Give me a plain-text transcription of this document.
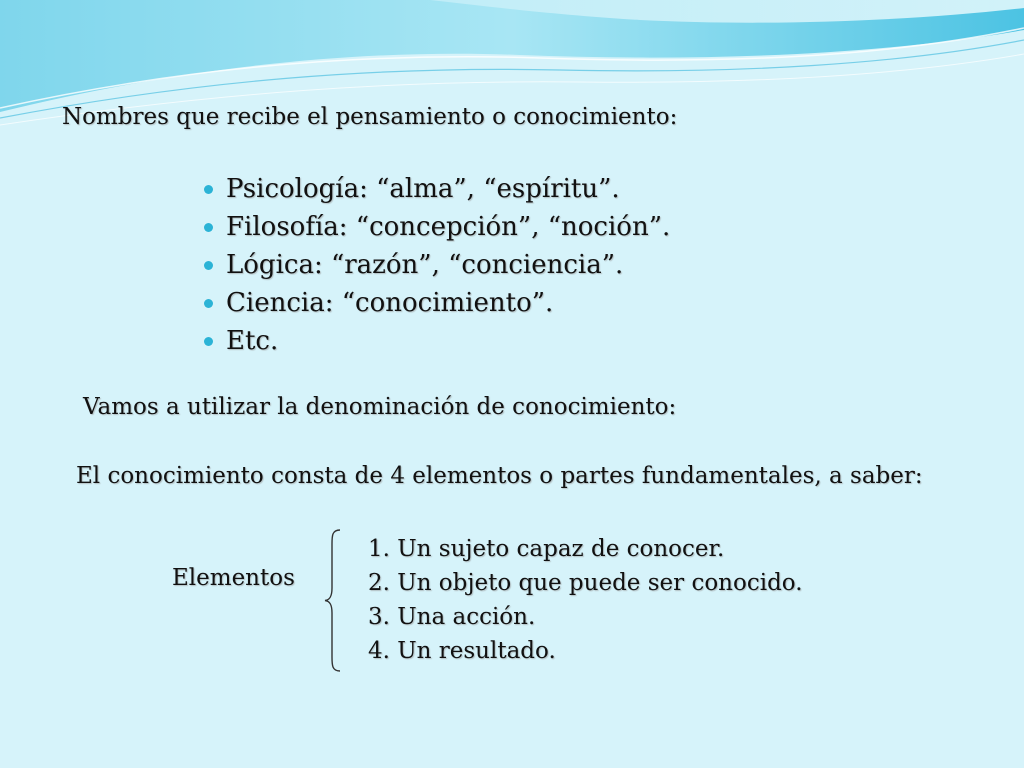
Nombres que recibe el pensamiento o conocimiento:
Psicología: “alma”, “espíritu”.
Filosofía: “concepción”, “noción”.
Lógica: “razón”, “conciencia”.
Ciencia: “conocimiento”.
Etc.
Vamos a utilizar la denominación de conocimiento:
El conocimiento consta de 4 elementos o partes fundamentales, a saber:
Elementos
1. Un sujeto capaz de conocer.
2. Un objeto que puede ser conocido.
3. Una acción.
4. Un resultado.
